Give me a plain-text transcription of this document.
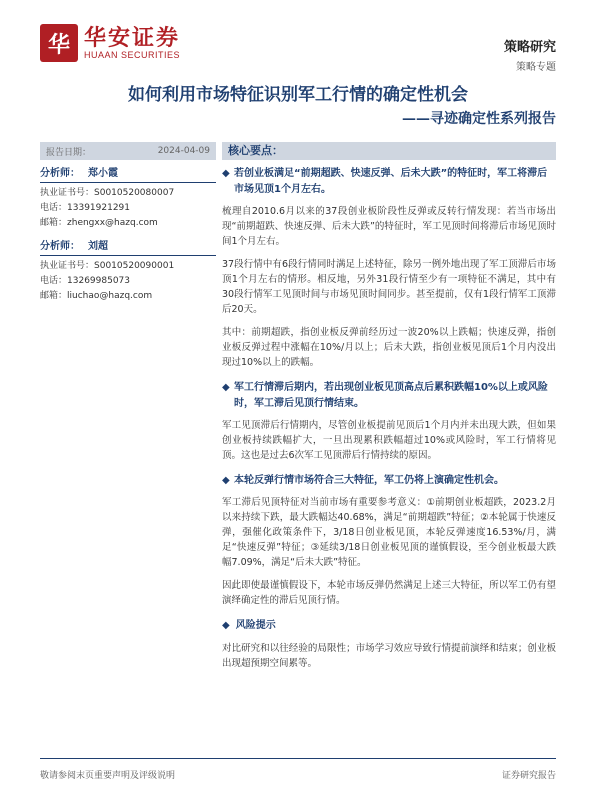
华 华安证券
HUAAN SECURITIES	策略研究
策略专题
如何利用市场特征识别军工行情的确定性机会
——寻迹确定性系列报告
报告日期：	2024-04-09
分析师： 郑小霞
执业证书号：S0010520080007
电话：13391921291
邮箱：zhengxx@hazq.com
分析师： 刘超
执业证书号：S0010520090001
电话：13269985073
邮箱：liuchao@hazq.com
核心要点：
◆ 若创业板满足“前期超跌、快速反弹、后未大跌”的特征时，军工将滞后市场见顶1个月左右。

梳理自2010.6月以来的37段创业板阶段性反弹或反转行情发现：若当市场出现“前期超跌、快速反弹、后未大跌”的特征时，军工见顶时间将滞后市场见顶时间1个月左右。

37段行情中有6段行情同时满足上述特征，除另一例外地出现了军工顶滞后市场顶1个月左右的情形。相反地，另外31段行情至少有一项特征不满足，其中有30段行情军工见顶时间与市场见顶时间同步。甚至提前，仅有1段行情军工顶滞后20天。

其中：前期超跌，指创业板反弹前经历过一波20%以上跌幅；快速反弹，指创业板反弹过程中涨幅在10%/月以上；后未大跌，指创业板见顶后1个月内没出现过10%以上的跌幅。

◆ 军工行情滞后期内，若出现创业板见顶高点后累积跌幅10%以上或风险时，军工滞后见顶行情结束。

军工见顶滞后行情期内，尽管创业板提前见顶后1个月内并未出现大跌，但如果创业板持续跌幅扩大，一旦出现累积跌幅超过10%或风险时，军工行情将见顶。这也是过去6次军工见顶滞后行情持续的原因。

◆ 本轮反弹行情市场符合三大特征，军工仍将上演确定性机会。

军工滞后见顶特征对当前市场有重要参考意义：①前期创业板超跌，2023.2月以来持续下跌，最大跌幅达40.68%，满足“前期超跌”特征；②本轮属于快速反弹，强催化政策条件下，3/18日创业板见顶，本轮反弹速度16.53%/月，满足“快速反弹”特征；③延续3/18日创业板见顶的谨慎假设，至今创业板最大跌幅7.09%，满足“后未大跌”特征。

因此即使最谨慎假设下，本轮市场反弹仍然满足上述三大特征，所以军工仍有望演绎确定性的滞后见顶行情。

◆ 风险提示

对比研究和以往经验的局限性；市场学习效应导致行情提前演绎和结束；创业板出现超预期空间累等。

敬请参阅末页重要声明及评级说明	证券研究报告
